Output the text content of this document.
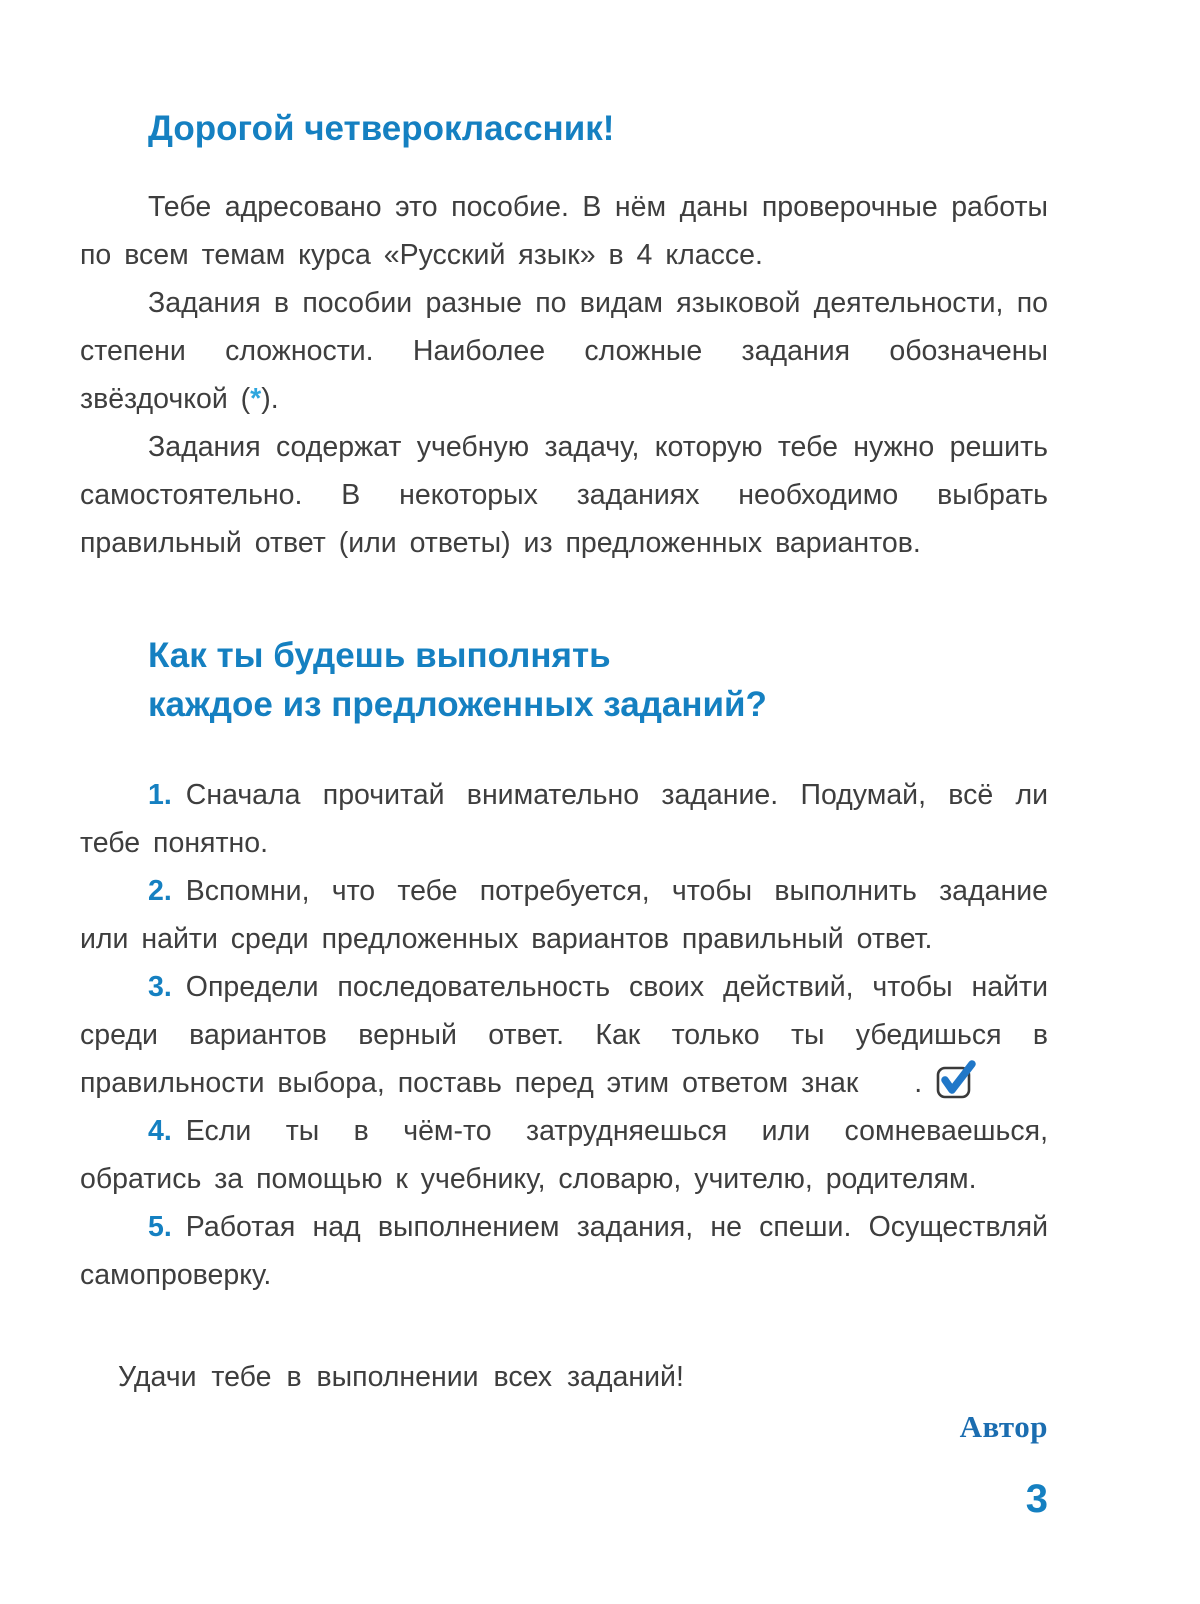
Дорогой четвероклассник!

Тебе адресовано это пособие. В нём даны проверочные работы по всем темам курса «Русский язык» в 4 классе.

Задания в пособии разные по видам языковой деятельности, по степени сложности. Наиболее сложные задания обозначены звёздочкой (*).

Задания содержат учебную задачу, которую тебе нужно решить самостоятельно. В некоторых заданиях необходимо выбрать правильный ответ (или ответы) из предложенных вариантов.

Как ты будешь выполнять
каждое из предложенных заданий?

1. Сначала прочитай внимательно задание. Подумай, всё ли тебе понятно.

2. Вспомни, что тебе потребуется, чтобы выполнить задание или найти среди предложенных вариантов правильный ответ.

3. Определи последовательность своих действий, чтобы найти среди вариантов верный ответ. Как только ты убедишься в правильности выбора, поставь перед этим ответом знак .

4. Если ты в чём-то затрудняешься или сомневаешься, обратись за помощью к учебнику, словарю, учителю, родителям.

5. Работая над выполнением задания, не спеши. Осуществляй самопроверку.

Удачи тебе в выполнении всех заданий!

Автор

3
